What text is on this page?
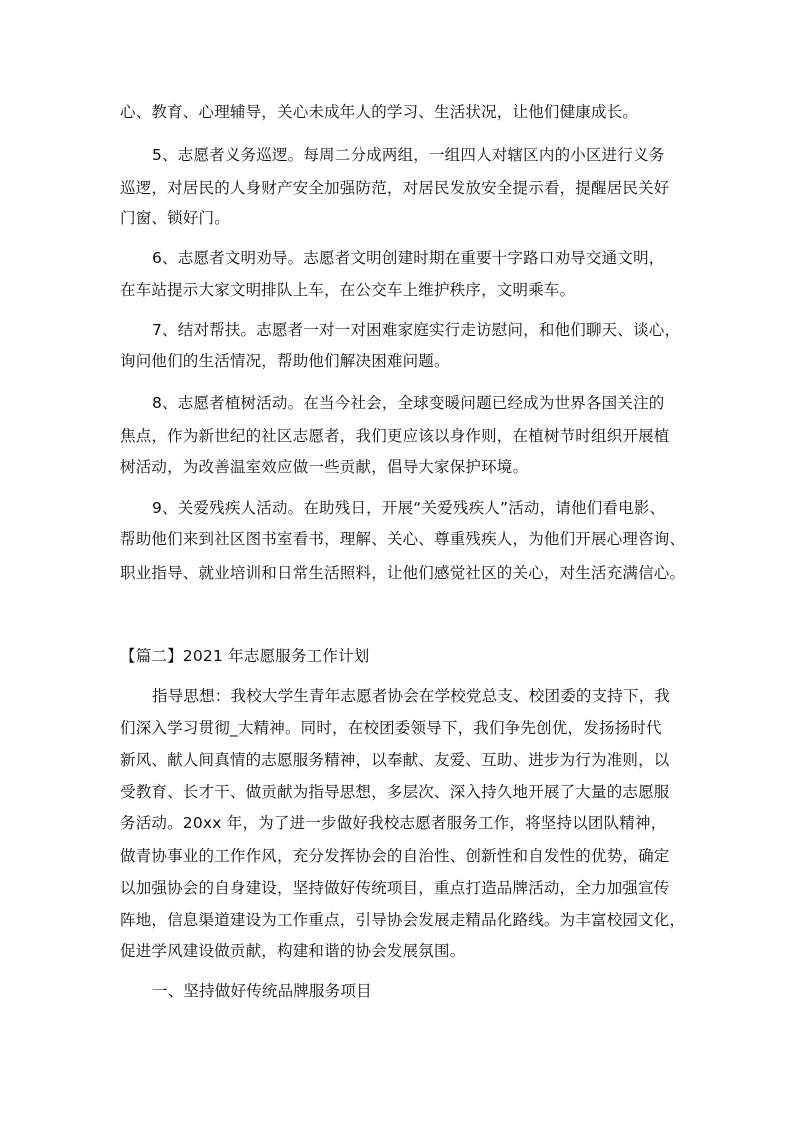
心、教育、心理辅导，关心未成年人的学习、生活状况，让他们健康成长。
5、志愿者义务巡逻。每周二分成两组，一组四人对辖区内的小区进行义务
巡逻，对居民的人身财产安全加强防范，对居民发放安全提示看，提醒居民关好
门窗、锁好门。
6、志愿者文明劝导。志愿者文明创建时期在重要十字路口劝导交通文明，
在车站提示大家文明排队上车，在公交车上维护秩序，文明乘车。
7、结对帮扶。志愿者一对一对困难家庭实行走访慰问，和他们聊天、谈心，
询问他们的生活情况，帮助他们解决困难问题。
8、志愿者植树活动。在当今社会，全球变暖问题已经成为世界各国关注的
焦点，作为新世纪的社区志愿者，我们更应该以身作则，在植树节时组织开展植
树活动，为改善温室效应做一些贡献，倡导大家保护环境。
9、关爱残疾人活动。在助残日，开展“关爱残疾人”活动，请他们看电影、
帮助他们来到社区图书室看书，理解、关心、尊重残疾人，为他们开展心理咨询、
职业指导、就业培训和日常生活照料，让他们感觉社区的关心，对生活充满信心。
【篇二】2021 年志愿服务工作计划
指导思想：我校大学生青年志愿者协会在学校党总支、校团委的支持下，我
们深入学习贯彻_大精神。同时，在校团委领导下，我们争先创优，发扬扬时代
新风、献人间真情的志愿服务精神，以奉献、友爱、互助、进步为行为准则，以
受教育、长才干、做贡献为指导思想，多层次、深入持久地开展了大量的志愿服
务活动。20xx 年，为了进一步做好我校志愿者服务工作，将坚持以团队精神，
做青协事业的工作作风，充分发挥协会的自治性、创新性和自发性的优势，确定
以加强协会的自身建设，坚持做好传统项目，重点打造品牌活动，全力加强宣传
阵地，信息渠道建设为工作重点，引导协会发展走精品化路线。为丰富校园文化，
促进学风建设做贡献，构建和谐的协会发展氛围。
一、坚持做好传统品牌服务项目
